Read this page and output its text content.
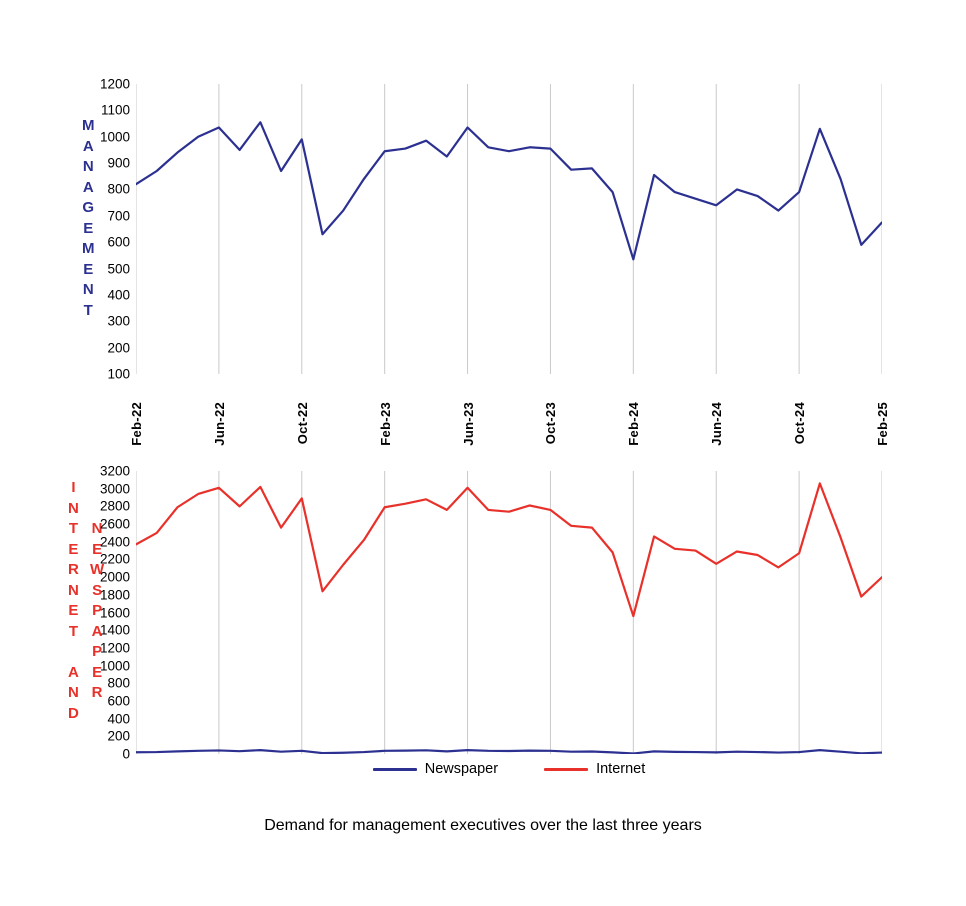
M
A
N
A
G
E
M
E
N
T
100
200
300
400
500
600
700
800
900
1000
1100
1200
Feb-22	Jun-22	Oct-22	Feb-23	Jun-23	Oct-23	Feb-24	Jun-24	Oct-24	Feb-25
I
N
T
E
R
N
E
T

A
N
D
N
E
W
S
P
A
P
E
R
0
200
400
600
800
1000
1200
1400
1600
1800
2000
2200
2400
2600
2800
3000
3200
Newspaper	Internet
Demand for management executives over the last three years
